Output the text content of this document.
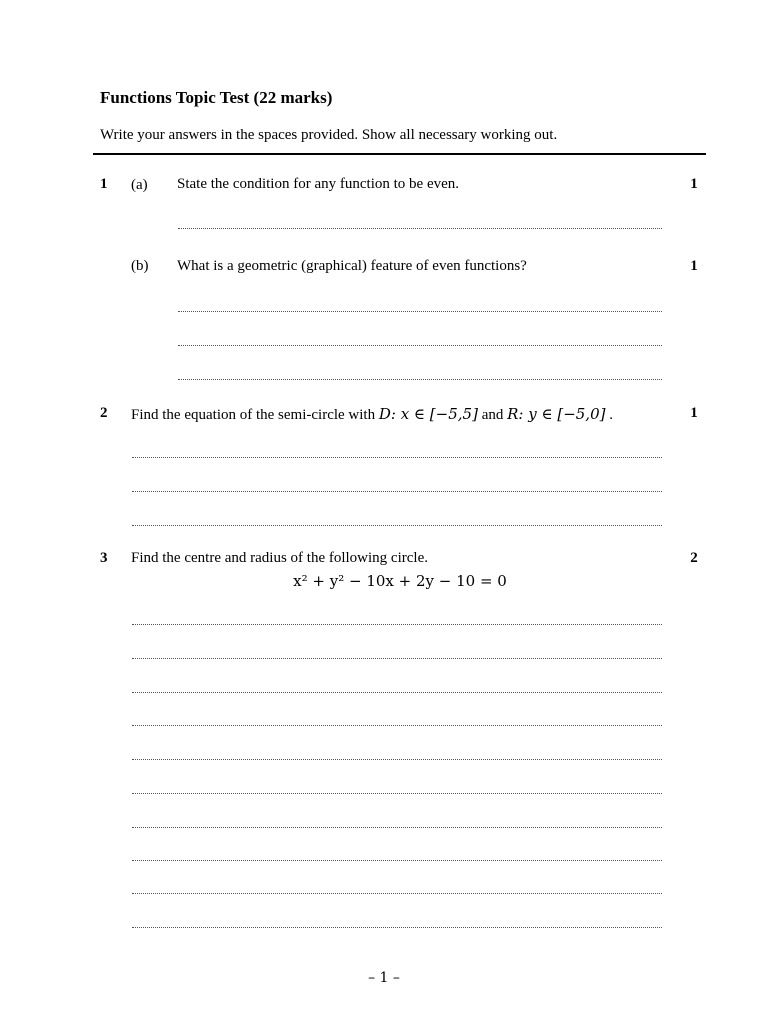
Functions Topic Test (22 marks)
Write your answers in the spaces provided. Show all necessary working out.
1 (a) State the condition for any function to be even.	1
(b) What is a geometric (graphical) feature of even functions?	1
2 Find the equation of the semi-circle with D: x ∈ [−5,5] and R: y ∈ [−5,0] .	1
3 Find the centre and radius of the following circle.	2
x² + y² − 10x + 2y − 10 = 0
– 1 –
